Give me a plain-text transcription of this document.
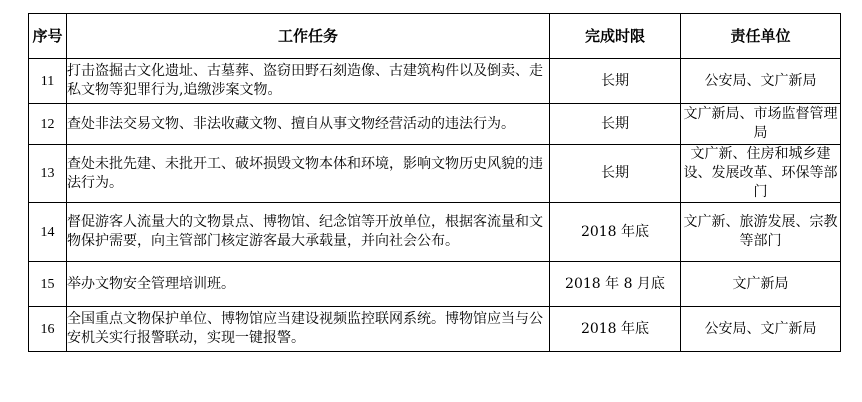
序号	工作任务	完成时限	责任单位
11	打击盗掘古文化遗址、古墓葬、盗窃田野石刻造像、古建筑构件以及倒卖、走私文物等犯罪行为,追缴涉案文物。	长期	公安局、文广新局
12	查处非法交易文物、非法收藏文物、擅自从事文物经营活动的违法行为。	长期	文广新局、市场监督管理局
13	查处未批先建、未批开工、破坏损毁文物本体和环境，影响文物历史风貌的违法行为。	长期	文广新、住房和城乡建设、发展改革、环保等部门
14	督促游客人流量大的文物景点、博物馆、纪念馆等开放单位，根据客流量和文物保护需要，向主管部门核定游客最大承载量，并向社会公布。	2018 年底	文广新、旅游发展、宗教等部门
15	举办文物安全管理培训班。	2018 年 8 月底	文广新局
16	全国重点文物保护单位、博物馆应当建设视频监控联网系统。博物馆应当与公安机关实行报警联动，实现一键报警。	2018 年底	公安局、文广新局
